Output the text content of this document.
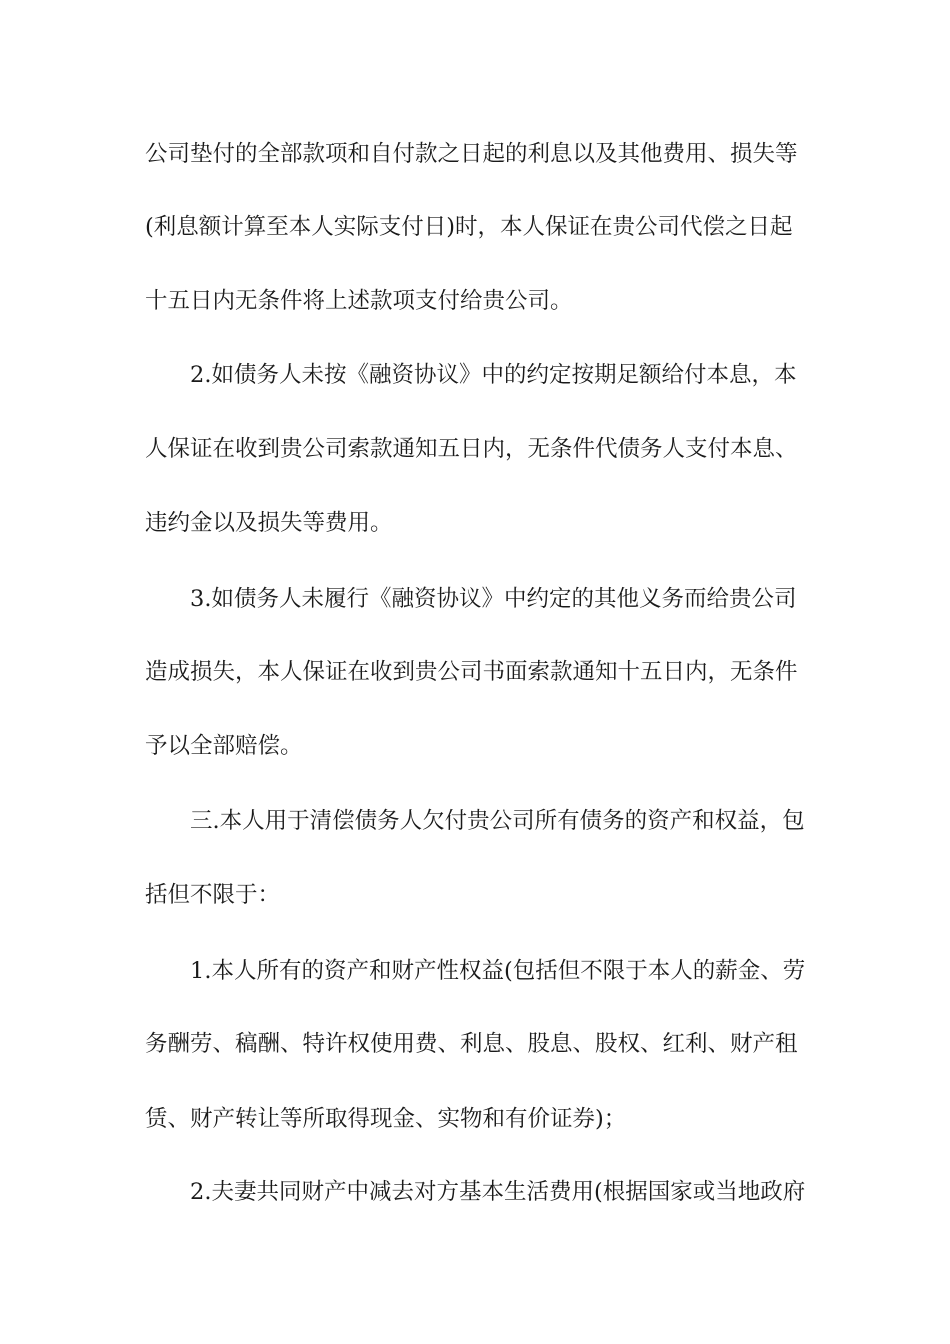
公司垫付的全部款项和自付款之日起的利息以及其他费用、损失等
(利息额计算至本人实际支付日)时，本人保证在贵公司代偿之日起
十五日内无条件将上述款项支付给贵公司。
2.如债务人未按《融资协议》中的约定按期足额给付本息，本
人保证在收到贵公司索款通知五日内，无条件代债务人支付本息、
违约金以及损失等费用。
3.如债务人未履行《融资协议》中约定的其他义务而给贵公司
造成损失，本人保证在收到贵公司书面索款通知十五日内，无条件
予以全部赔偿。
三.本人用于清偿债务人欠付贵公司所有债务的资产和权益，包
括但不限于：
1.本人所有的资产和财产性权益(包括但不限于本人的薪金、劳
务酬劳、稿酬、特许权使用费、利息、股息、股权、红利、财产租
赁、财产转让等所取得现金、实物和有价证券)；
2.夫妻共同财产中减去对方基本生活费用(根据国家或当地政府
